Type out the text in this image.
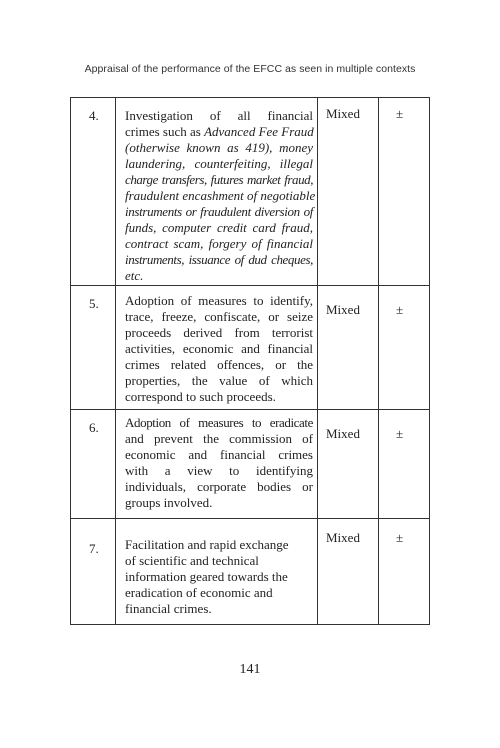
Appraisal of the performance of the EFCC as seen in multiple contexts
4. Investigation of all financial
crimes such as Advanced Fee Fraud
(otherwise known as 419), money
laundering, counterfeiting, illegal
charge transfers, futures market fraud,
fraudulent encashment of negotiable
instruments or fraudulent diversion of
funds, computer credit card fraud,
contract scam, forgery of financial
instruments, issuance of dud cheques,
etc.
Mixed	±
5. Adoption of measures to identify,
trace, freeze, confiscate, or seize
proceeds derived from terrorist
activities, economic and financial
crimes related offences, or the
properties, the value of which
correspond to such proceeds.
Mixed	±
6. Adoption of measures to eradicate
and prevent the commission of
economic and financial crimes
with a view to identifying
individuals, corporate bodies or
groups involved.
Mixed	±
7. Facilitation and rapid exchange
of scientific and technical
information geared towards the
eradication of economic and
financial crimes.
Mixed	±
141
